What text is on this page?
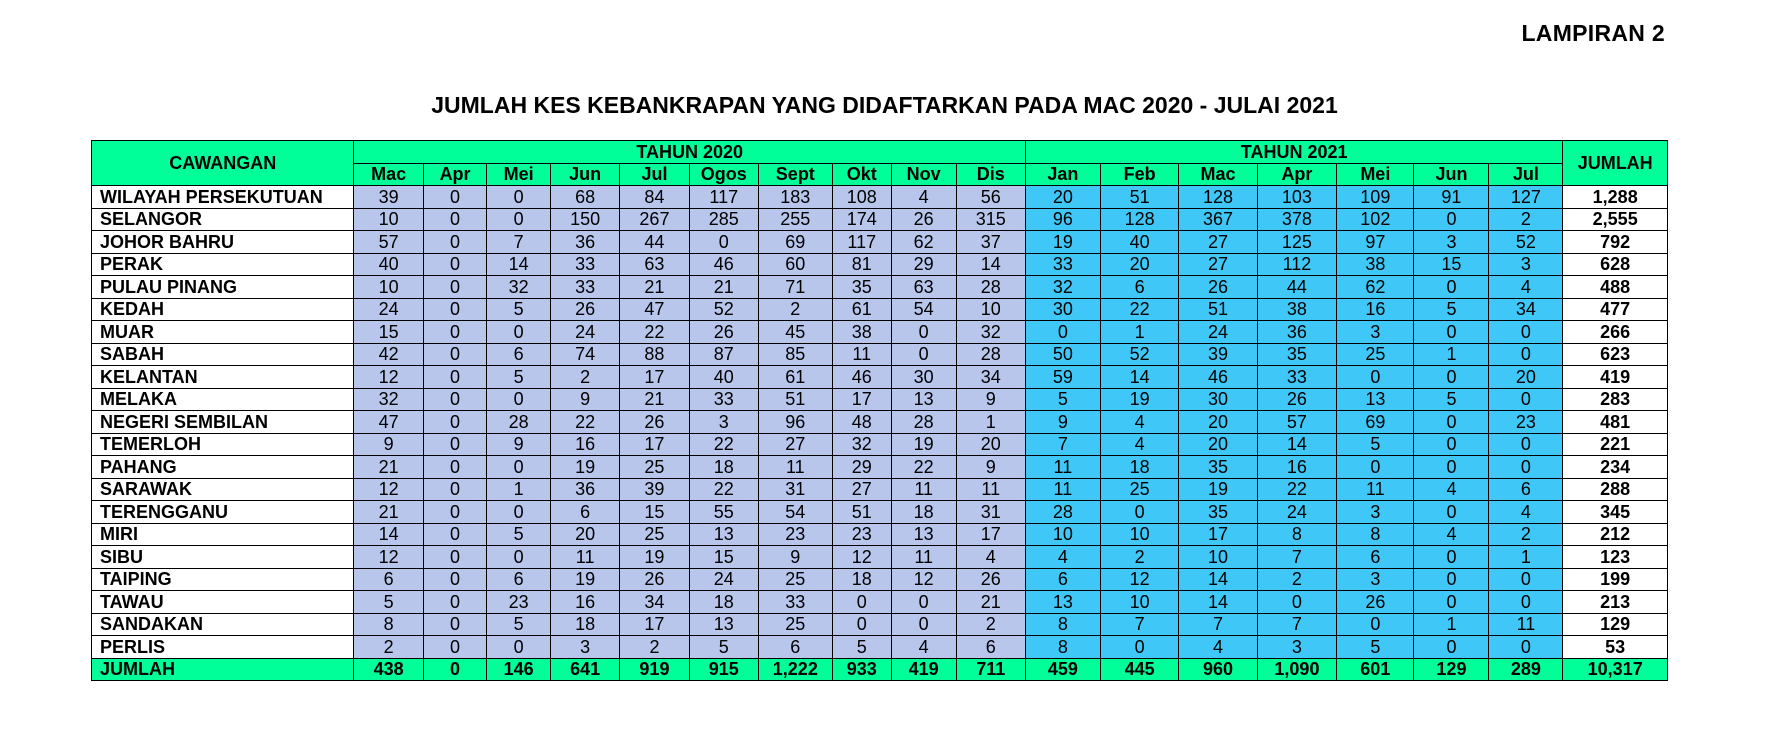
LAMPIRAN 2
JUMLAH KES KEBANKRAPAN YANG DIDAFTARKAN PADA MAC 2020 - JULAI 2021
CAWANGAN	TAHUN 2020										TAHUN 2021							JUMLAH
	Mac	Apr	Mei	Jun	Jul	Ogos	Sept	Okt	Nov	Dis	Jan	Feb	Mac	Apr	Mei	Jun	Jul	
WILAYAH PERSEKUTUAN	39	0	0	68	84	117	183	108	4	56	20	51	128	103	109	91	127	1,288
SELANGOR	10	0	0	150	267	285	255	174	26	315	96	128	367	378	102	0	2	2,555
JOHOR BAHRU	57	0	7	36	44	0	69	117	62	37	19	40	27	125	97	3	52	792
PERAK	40	0	14	33	63	46	60	81	29	14	33	20	27	112	38	15	3	628
PULAU PINANG	10	0	32	33	21	21	71	35	63	28	32	6	26	44	62	0	4	488
KEDAH	24	0	5	26	47	52	2	61	54	10	30	22	51	38	16	5	34	477
MUAR	15	0	0	24	22	26	45	38	0	32	0	1	24	36	3	0	0	266
SABAH	42	0	6	74	88	87	85	11	0	28	50	52	39	35	25	1	0	623
KELANTAN	12	0	5	2	17	40	61	46	30	34	59	14	46	33	0	0	20	419
MELAKA	32	0	0	9	21	33	51	17	13	9	5	19	30	26	13	5	0	283
NEGERI SEMBILAN	47	0	28	22	26	3	96	48	28	1	9	4	20	57	69	0	23	481
TEMERLOH	9	0	9	16	17	22	27	32	19	20	7	4	20	14	5	0	0	221
PAHANG	21	0	0	19	25	18	11	29	22	9	11	18	35	16	0	0	0	234
SARAWAK	12	0	1	36	39	22	31	27	11	11	11	25	19	22	11	4	6	288
TERENGGANU	21	0	0	6	15	55	54	51	18	31	28	0	35	24	3	0	4	345
MIRI	14	0	5	20	25	13	23	23	13	17	10	10	17	8	8	4	2	212
SIBU	12	0	0	11	19	15	9	12	11	4	4	2	10	7	6	0	1	123
TAIPING	6	0	6	19	26	24	25	18	12	26	6	12	14	2	3	0	0	199
TAWAU	5	0	23	16	34	18	33	0	0	21	13	10	14	0	26	0	0	213
SANDAKAN	8	0	5	18	17	13	25	0	0	2	8	7	7	7	0	1	11	129
PERLIS	2	0	0	3	2	5	6	5	4	6	8	0	4	3	5	0	0	53
JUMLAH	438	0	146	641	919	915	1,222	933	419	711	459	445	960	1,090	601	129	289	10,317
